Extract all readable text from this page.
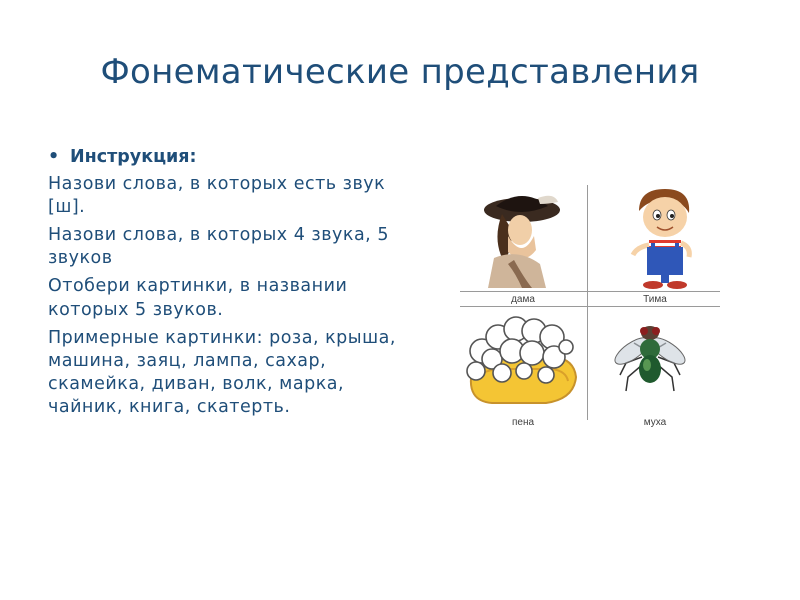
Фонематические представления
• Инструкция:

Назови слова, в которых есть звук [ш].

Назови слова, в которых 4 звука, 5 звуков

Отобери картинки, в названии которых 5 звуков.

Примерные картинки: роза, крыша, машина, заяц, лампа, сахар, скамейка, диван, волк, марка, чайник, книга, скатерть.

дама	Тима
пена	муха
